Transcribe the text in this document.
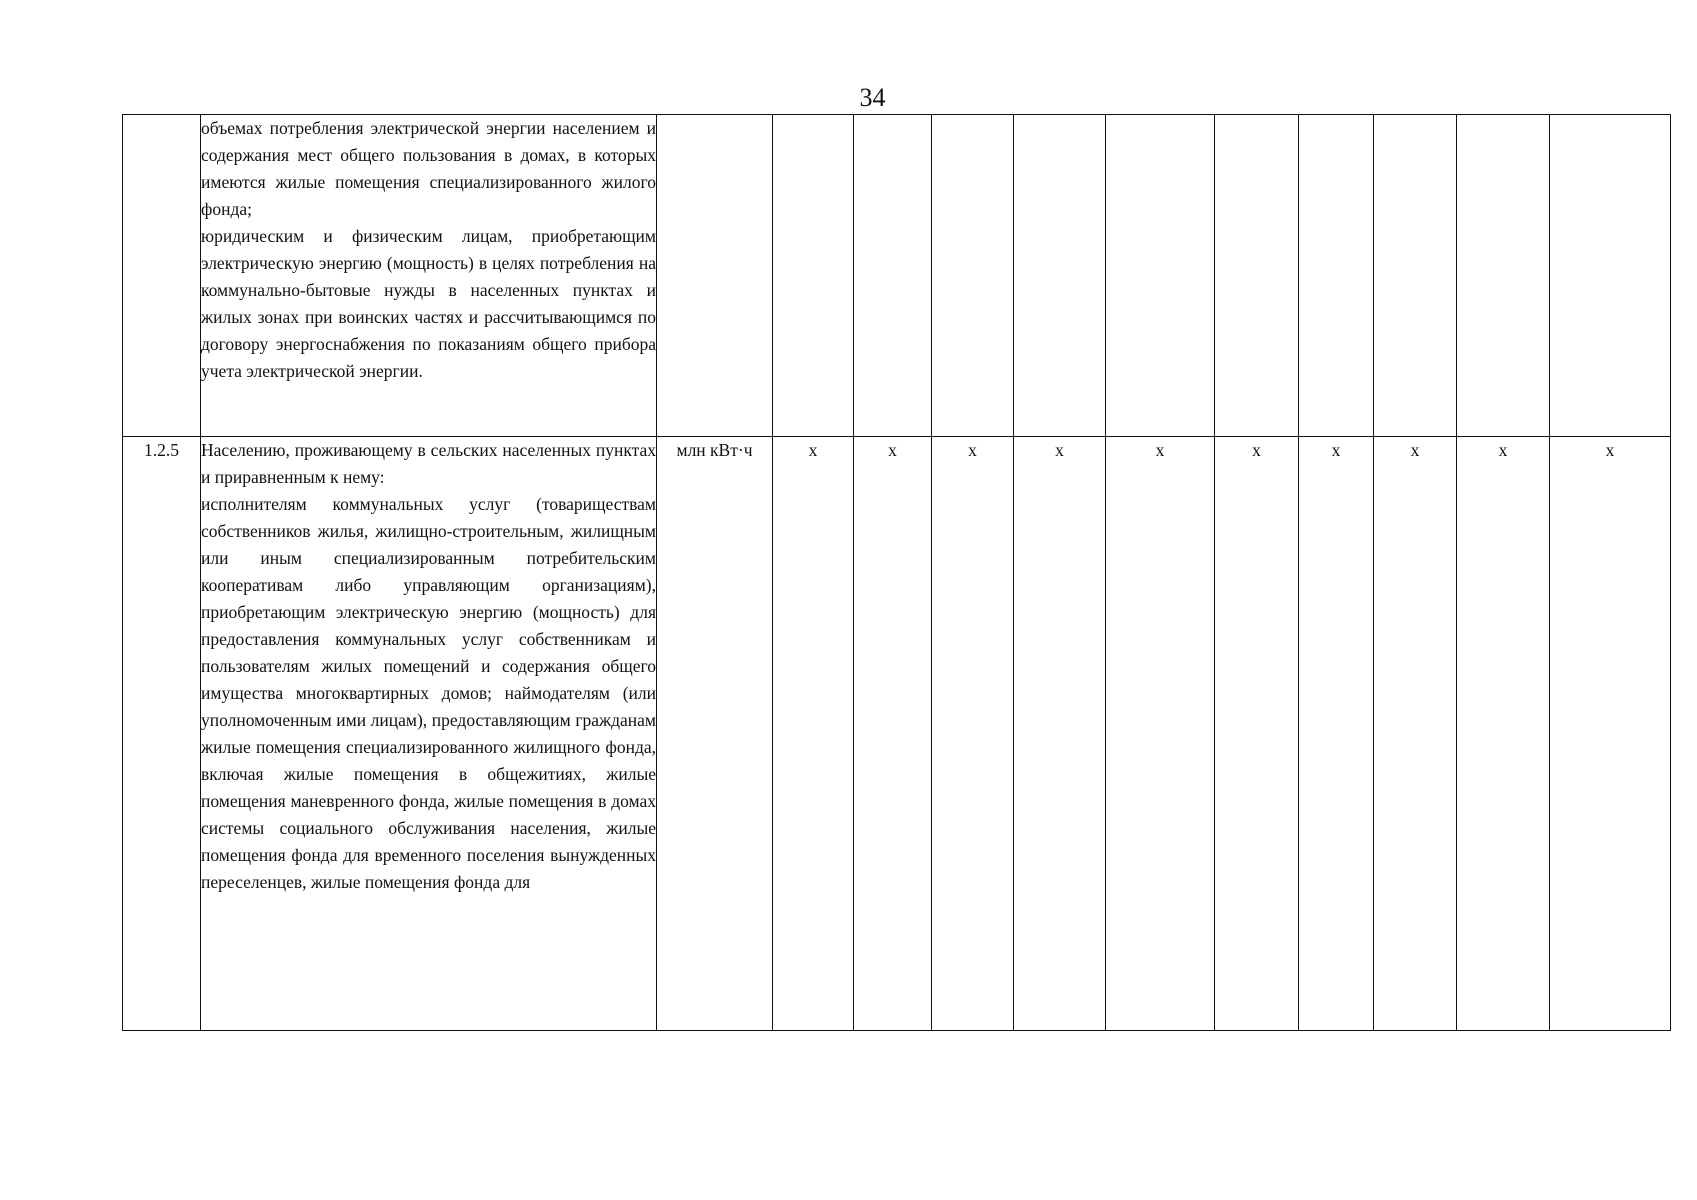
34

	объемах потребления электрической энергии населением и содержания мест общего пользования в домах, в которых имеются жилые помещения специализированного жилого фонда;

юридическим и физическим лицам, приобретающим электрическую энергию (мощность) в целях потребления на коммунально-бытовые нужды в населенных пунктах и жилых зонах при воинских частях и рассчитывающимся по договору энергоснабжения по показаниям общего прибора учета электрической энергии.											

1.2.5	Населению, проживающему в сельских населенных пунктах и приравненным к нему:

исполнителям коммунальных услуг (товариществам собственников жилья, жилищно-строительным, жилищным или иным специализированным потребительским кооперативам либо управляющим организациям), приобретающим электрическую энергию (мощность) для предоставления коммунальных услуг собственникам и пользователям жилых помещений и содержания общего имущества многоквартирных домов; наймодателям (или уполномоченным ими лицам), предоставляющим гражданам жилые помещения специализированного жилищного фонда, включая жилые помещения в общежитиях, жилые помещения маневренного фонда, жилые помещения в домах системы социального обслуживания населения, жилые помещения фонда для временного поселения вынужденных переселенцев, жилые помещения фонда для	млн кВт·ч	х	х	х	х	х	х	х	х	х	х
